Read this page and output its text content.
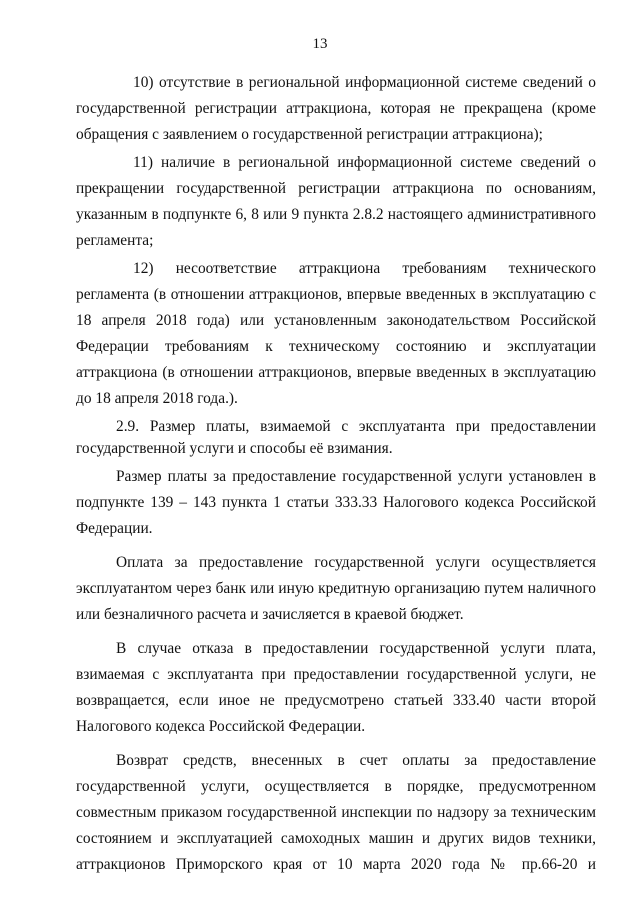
13

10) отсутствие в региональной информационной системе сведений о государственной регистрации аттракциона, которая не прекращена (кроме обращения с заявлением о государственной регистрации аттракциона);

11) наличие в региональной информационной системе сведений о прекращении государственной регистрации аттракциона по основаниям, указанным в подпункте 6, 8 или 9 пункта 2.8.2 настоящего административного регламента;

12) несоответствие аттракциона требованиям технического регламента (в отношении аттракционов, впервые введенных в эксплуатацию с 18 апреля 2018 года) или установленным законодательством Российской Федерации требованиям к техническому состоянию и эксплуатации аттракциона (в отношении аттракционов, впервые введенных в эксплуатацию до 18 апреля 2018 года.).

2.9. Размер платы, взимаемой с эксплуатанта при предоставлении государственной услуги и способы её взимания.

Размер платы за предоставление государственной услуги установлен в подпункте 139 – 143 пункта 1 статьи 333.33 Налогового кодекса Российской Федерации.

Оплата за предоставление государственной услуги осуществляется эксплуатантом через банк или иную кредитную организацию путем наличного или безналичного расчета и зачисляется в краевой бюджет.

В случае отказа в предоставлении государственной услуги плата, взимаемая с эксплуатанта при предоставлении государственной услуги, не возвращается, если иное не предусмотрено статьей 333.40 части второй Налогового кодекса Российской Федерации.

Возврат средств, внесенных в счет оплаты за предоставление государственной услуги, осуществляется в порядке, предусмотренном совместным приказом государственной инспекции по надзору за техническим состоянием и эксплуатацией самоходных машин и других видов техники, аттракционов Приморского края от 10 марта 2020 года № пр.66-20 и
